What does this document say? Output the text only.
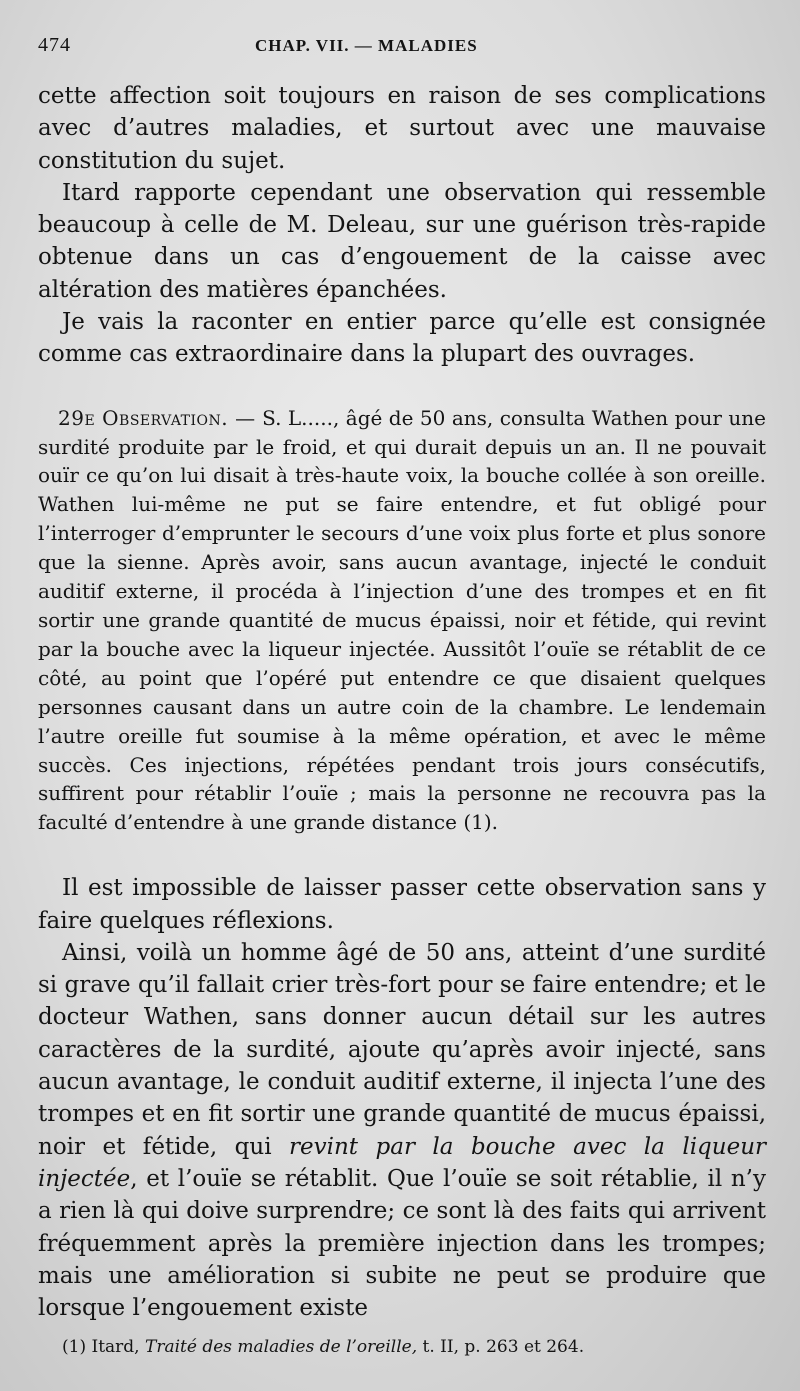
474	CHAP. VII. — MALADIES

cette affection soit toujours en raison de ses complications avec d’autres maladies, et surtout avec une mauvaise constitution du sujet.

Itard rapporte cependant une observation qui ressemble beaucoup à celle de M. Deleau, sur une guérison très-rapide obtenue dans un cas d’engouement de la caisse avec altération des matières épanchées.

Je vais la raconter en entier parce qu’elle est consignée comme cas extraordinaire dans la plupart des ouvrages.

29e Observation. — S. L....., âgé de 50 ans, consulta Wathen pour une surdité produite par le froid, et qui durait depuis un an. Il ne pouvait ouïr ce qu’on lui disait à très-haute voix, la bouche collée à son oreille. Wathen lui-même ne put se faire entendre, et fut obligé pour l’interroger d’emprunter le secours d’une voix plus forte et plus sonore que la sienne. Après avoir, sans aucun avantage, injecté le conduit auditif externe, il procéda à l’injection d’une des trompes et en fit sortir une grande quantité de mucus épaissi, noir et fétide, qui revint par la bouche avec la liqueur injectée. Aussitôt l’ouïe se rétablit de ce côté, au point que l’opéré put entendre ce que disaient quelques personnes causant dans un autre coin de la chambre. Le lendemain l’autre oreille fut soumise à la même opération, et avec le même succès. Ces injections, répétées pendant trois jours consécutifs, suffirent pour rétablir l’ouïe ; mais la personne ne recouvra pas la faculté d’entendre à une grande distance (1).

Il est impossible de laisser passer cette observation sans y faire quelques réflexions.

Ainsi, voilà un homme âgé de 50 ans, atteint d’une surdité si grave qu’il fallait crier très-fort pour se faire entendre; et le docteur Wathen, sans donner aucun détail sur les autres caractères de la surdité, ajoute qu’après avoir injecté, sans aucun avantage, le conduit auditif externe, il injecta l’une des trompes et en fit sortir une grande quantité de mucus épaissi, noir et fétide, qui revint par la bouche avec la liqueur injectée, et l’ouïe se rétablit. Que l’ouïe se soit rétablie, il n’y a rien là qui doive surprendre; ce sont là des faits qui arrivent fréquemment après la première injection dans les trompes; mais une amélioration si subite ne peut se produire que lorsque l’engouement existe

(1) Itard, Traité des maladies de l’oreille, t. II, p. 263 et 264.
